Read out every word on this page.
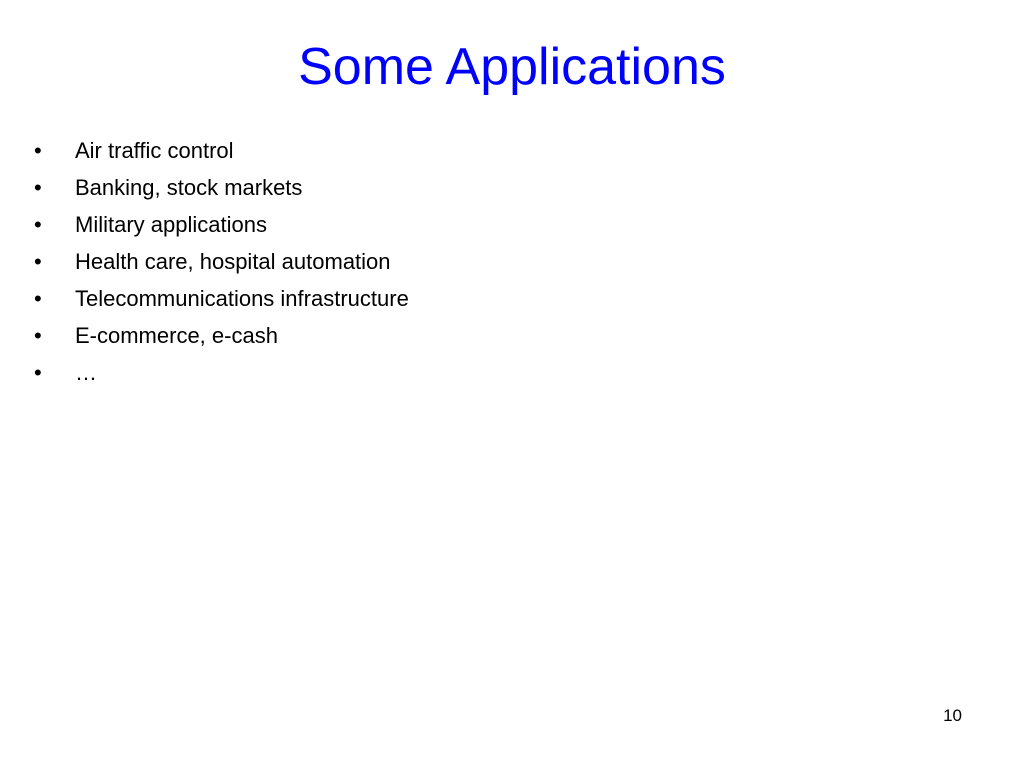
Some Applications
•	Air traffic control
•	Banking, stock markets
•	Military applications
•	Health care, hospital automation
•	Telecommunications infrastructure
•	E-commerce, e-cash
•	…
10
